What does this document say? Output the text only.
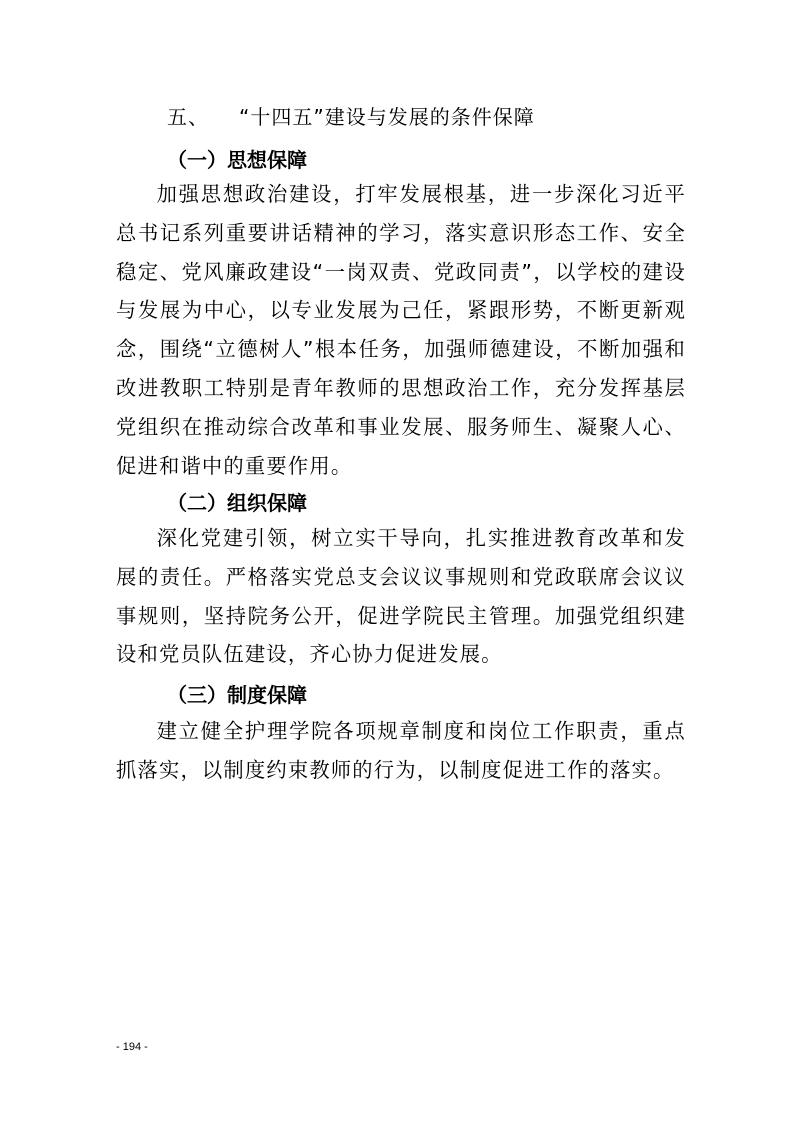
五、 “十四五”建设与发展的条件保障
（一）思想保障
加强思想政治建设，打牢发展根基，进一步深化习近平总书记系列重要讲话精神的学习，落实意识形态工作、安全稳定、党风廉政建设“一岗双责、党政同责”，以学校的建设与发展为中心，以专业发展为己任，紧跟形势，不断更新观念，围绕“立德树人”根本任务，加强师德建设，不断加强和改进教职工特别是青年教师的思想政治工作，充分发挥基层党组织在推动综合改革和事业发展、服务师生、凝聚人心、促进和谐中的重要作用。
（二）组织保障
深化党建引领，树立实干导向，扎实推进教育改革和发展的责任。严格落实党总支会议议事规则和党政联席会议议事规则，坚持院务公开，促进学院民主管理。加强党组织建设和党员队伍建设，齐心协力促进发展。
（三）制度保障
建立健全护理学院各项规章制度和岗位工作职责，重点抓落实，以制度约束教师的行为，以制度促进工作的落实。
- 194 -
